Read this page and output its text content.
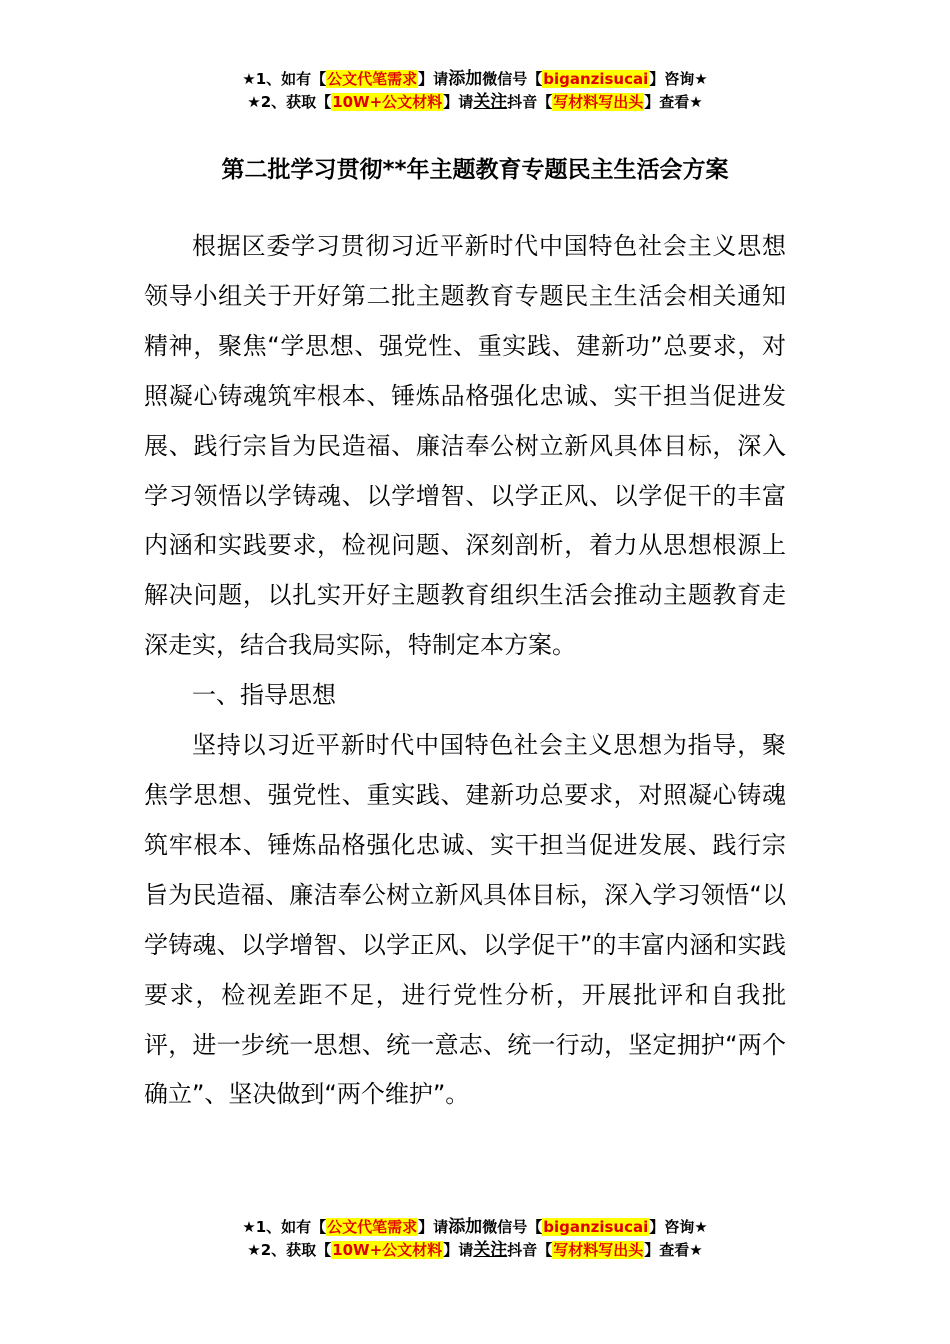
★1、如有【公文代笔需求】请添加微信号【biganzisucai】咨询★
★2、获取【10W+公文材料】请关注抖音【写材料写出头】查看★
第二批学习贯彻**年主题教育专题民主生活会方案

根据区委学习贯彻习近平新时代中国特色社会主义思想领导小组关于开好第二批主题教育专题民主生活会相关通知精神，聚焦“学思想、强党性、重实践、建新功”总要求，对照凝心铸魂筑牢根本、锤炼品格强化忠诚、实干担当促进发展、践行宗旨为民造福、廉洁奉公树立新风具体目标，深入学习领悟以学铸魂、以学增智、以学正风、以学促干的丰富内涵和实践要求，检视问题、深刻剖析，着力从思想根源上解决问题，以扎实开好主题教育组织生活会推动主题教育走深走实，结合我局实际，特制定本方案。

一、指导思想

坚持以习近平新时代中国特色社会主义思想为指导，聚焦学思想、强党性、重实践、建新功总要求，对照凝心铸魂筑牢根本、锤炼品格强化忠诚、实干担当促进发展、践行宗旨为民造福、廉洁奉公树立新风具体目标，深入学习领悟“以学铸魂、以学增智、以学正风、以学促干”的丰富内涵和实践要求，检视差距不足，进行党性分析，开展批评和自我批评，进一步统一思想、统一意志、统一行动，坚定拥护“两个确立”、坚决做到“两个维护”。

★1、如有【公文代笔需求】请添加微信号【biganzisucai】咨询★
★2、获取【10W+公文材料】请关注抖音【写材料写出头】查看★
